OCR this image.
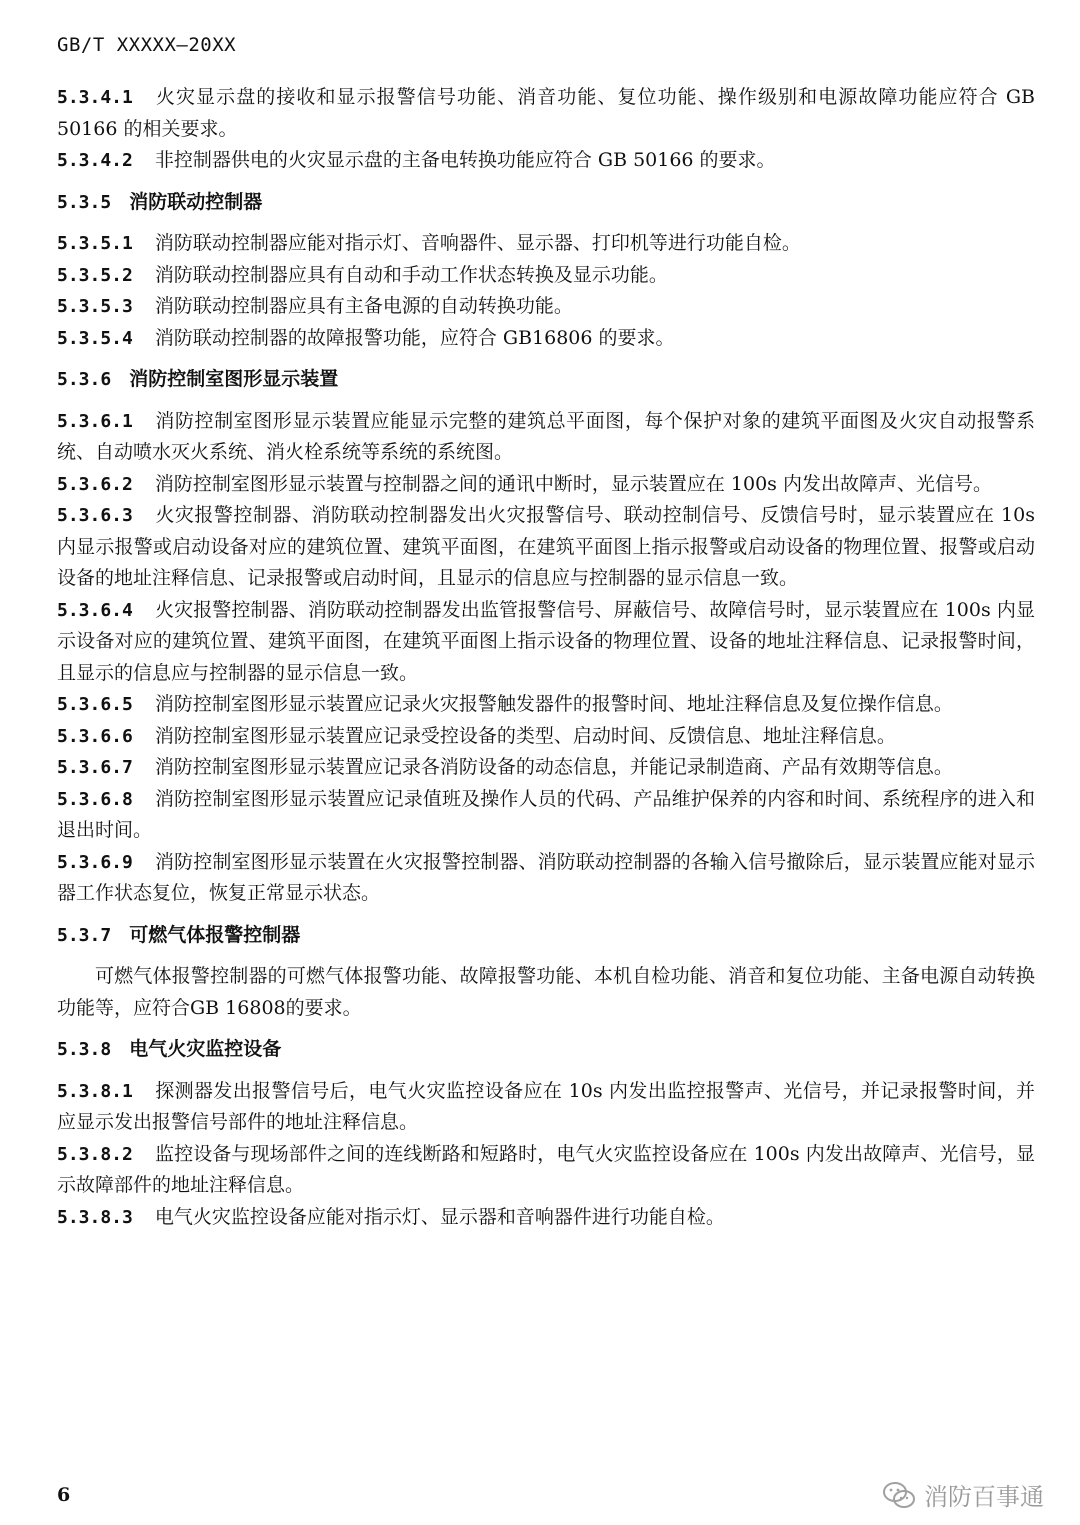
GB/T XXXXX—20XX
5.3.4.1 火灾显示盘的接收和显示报警信号功能、消音功能、复位功能、操作级别和电源故障功能应符合 GB 50166 的相关要求。
5.3.4.2 非控制器供电的火灾显示盘的主备电转换功能应符合 GB 50166 的要求。
5.3.5 消防联动控制器
5.3.5.1 消防联动控制器应能对指示灯、音响器件、显示器、打印机等进行功能自检。
5.3.5.2 消防联动控制器应具有自动和手动工作状态转换及显示功能。
5.3.5.3 消防联动控制器应具有主备电源的自动转换功能。
5.3.5.4 消防联动控制器的故障报警功能，应符合 GB16806 的要求。
5.3.6 消防控制室图形显示装置
5.3.6.1 消防控制室图形显示装置应能显示完整的建筑总平面图，每个保护对象的建筑平面图及火灾自动报警系统、自动喷水灭火系统、消火栓系统等系统的系统图。
5.3.6.2 消防控制室图形显示装置与控制器之间的通讯中断时，显示装置应在 100s 内发出故障声、光信号。
5.3.6.3 火灾报警控制器、消防联动控制器发出火灾报警信号、联动控制信号、反馈信号时，显示装置应在 10s 内显示报警或启动设备对应的建筑位置、建筑平面图，在建筑平面图上指示报警或启动设备的物理位置、报警或启动设备的地址注释信息、记录报警或启动时间，且显示的信息应与控制器的显示信息一致。
5.3.6.4 火灾报警控制器、消防联动控制器发出监管报警信号、屏蔽信号、故障信号时，显示装置应在 100s 内显示设备对应的建筑位置、建筑平面图，在建筑平面图上指示设备的物理位置、设备的地址注释信息、记录报警时间，且显示的信息应与控制器的显示信息一致。
5.3.6.5 消防控制室图形显示装置应记录火灾报警触发器件的报警时间、地址注释信息及复位操作信息。
5.3.6.6 消防控制室图形显示装置应记录受控设备的类型、启动时间、反馈信息、地址注释信息。
5.3.6.7 消防控制室图形显示装置应记录各消防设备的动态信息，并能记录制造商、产品有效期等信息。
5.3.6.8 消防控制室图形显示装置应记录值班及操作人员的代码、产品维护保养的内容和时间、系统程序的进入和退出时间。
5.3.6.9 消防控制室图形显示装置在火灾报警控制器、消防联动控制器的各输入信号撤除后，显示装置应能对显示器工作状态复位，恢复正常显示状态。
5.3.7 可燃气体报警控制器
可燃气体报警控制器的可燃气体报警功能、故障报警功能、本机自检功能、消音和复位功能、主备电源自动转换功能等，应符合GB 16808的要求。
5.3.8 电气火灾监控设备
5.3.8.1 探测器发出报警信号后，电气火灾监控设备应在 10s 内发出监控报警声、光信号，并记录报警时间，并应显示发出报警信号部件的地址注释信息。
5.3.8.2 监控设备与现场部件之间的连线断路和短路时，电气火灾监控设备应在 100s 内发出故障声、光信号，显示故障部件的地址注释信息。
5.3.8.3 电气火灾监控设备应能对指示灯、显示器和音响器件进行功能自检。
6	消防百事通
